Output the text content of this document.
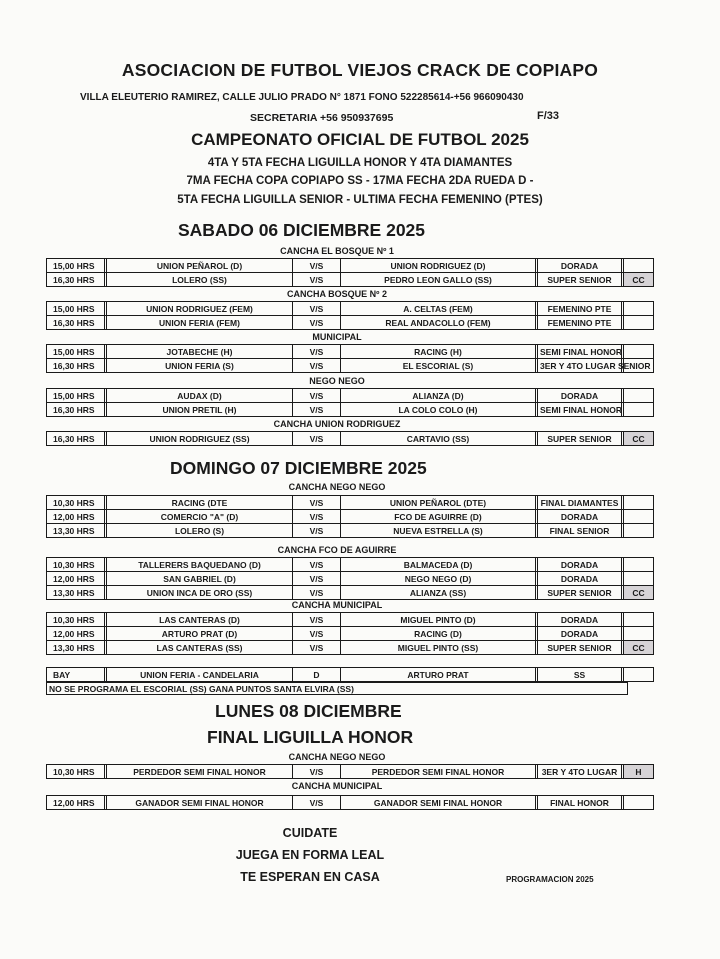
ASOCIACION DE FUTBOL VIEJOS CRACK DE COPIAPO
VILLA ELEUTERIO RAMIREZ, CALLE JULIO PRADO N° 1871 FONO 522285614-+56 966090430
SECRETARIA +56 950937695	F/33
CAMPEONATO OFICIAL DE FUTBOL 2025
4TA Y 5TA FECHA LIGUILLA HONOR Y 4TA DIAMANTES
7MA FECHA COPA COPIAPO SS - 17MA FECHA 2DA RUEDA D -
5TA FECHA LIGUILLA SENIOR - ULTIMA FECHA FEMENINO (PTES)
SABADO 06 DICIEMBRE 2025
DOMINGO 07 DICIEMBRE 2025
LUNES 08 DICIEMBRE
FINAL LIGUILLA HONOR
CANCHA EL BOSQUE Nº 1
CANCHA BOSQUE Nº 2
MUNICIPAL
NEGO NEGO
CANCHA UNION RODRIGUEZ
CANCHA NEGO NEGO
CANCHA FCO DE AGUIRRE
CANCHA MUNICIPAL
CANCHA NEGO NEGO
CANCHA MUNICIPAL
15,00 HRS		UNION PEÑAROL (D)	V/S	UNION RODRIGUEZ (D)		DORADA		
16,30 HRS		LOLERO (SS)	V/S	PEDRO LEON GALLO (SS)		SUPER SENIOR		CC
15,00 HRS		UNION RODRIGUEZ (FEM)	V/S	A. CELTAS (FEM)		FEMENINO PTE		
16,30 HRS		UNION FERIA (FEM)	V/S	REAL ANDACOLLO (FEM)		FEMENINO PTE		
15,00 HRS		JOTABECHE (H)	V/S	RACING (H)		SEMI FINAL HONOR		
16,30 HRS		UNION FERIA (S)	V/S	EL ESCORIAL (S)		3ER Y 4TO LUGAR SENIOR		
15,00 HRS		AUDAX (D)	V/S	ALIANZA (D)		DORADA		
16,30 HRS		UNION PRETIL (H)	V/S	LA COLO COLO (H)		SEMI FINAL HONOR		
16,30 HRS		UNION RODRIGUEZ (SS)	V/S	CARTAVIO (SS)		SUPER SENIOR		CC
10,30 HRS		RACING (DTE	V/S	UNION PEÑAROL (DTE)		FINAL DIAMANTES		
12,00 HRS		COMERCIO "A" (D)	V/S	FCO DE AGUIRRE (D)		DORADA		
13,30 HRS		LOLERO (S)	V/S	NUEVA ESTRELLA (S)		FINAL SENIOR		
10,30 HRS		TALLERERS BAQUEDANO (D)	V/S	BALMACEDA (D)		DORADA		
12,00 HRS		SAN GABRIEL (D)	V/S	NEGO NEGO (D)		DORADA		
13,30 HRS		UNION INCA DE ORO (SS)	V/S	ALIANZA (SS)		SUPER SENIOR		CC
10,30 HRS		LAS CANTERAS (D)	V/S	MIGUEL PINTO (D)		DORADA		
12,00 HRS		ARTURO PRAT (D)	V/S	RACING (D)		DORADA		
13,30 HRS		LAS CANTERAS (SS)	V/S	MIGUEL PINTO (SS)		SUPER SENIOR		CC
BAY		UNION FERIA - CANDELARIA	D	ARTURO PRAT		SS		
NO SE PROGRAMA EL ESCORIAL (SS) GANA PUNTOS SANTA ELVIRA (SS)
10,30 HRS		PERDEDOR SEMI FINAL HONOR	V/S	PERDEDOR SEMI FINAL HONOR		3ER Y 4TO LUGAR		H
12,00 HRS		GANADOR SEMI FINAL HONOR	V/S	GANADOR SEMI FINAL HONOR		FINAL HONOR		
CUIDATE
JUEGA EN FORMA LEAL
TE ESPERAN EN CASA	PROGRAMACION 2025
